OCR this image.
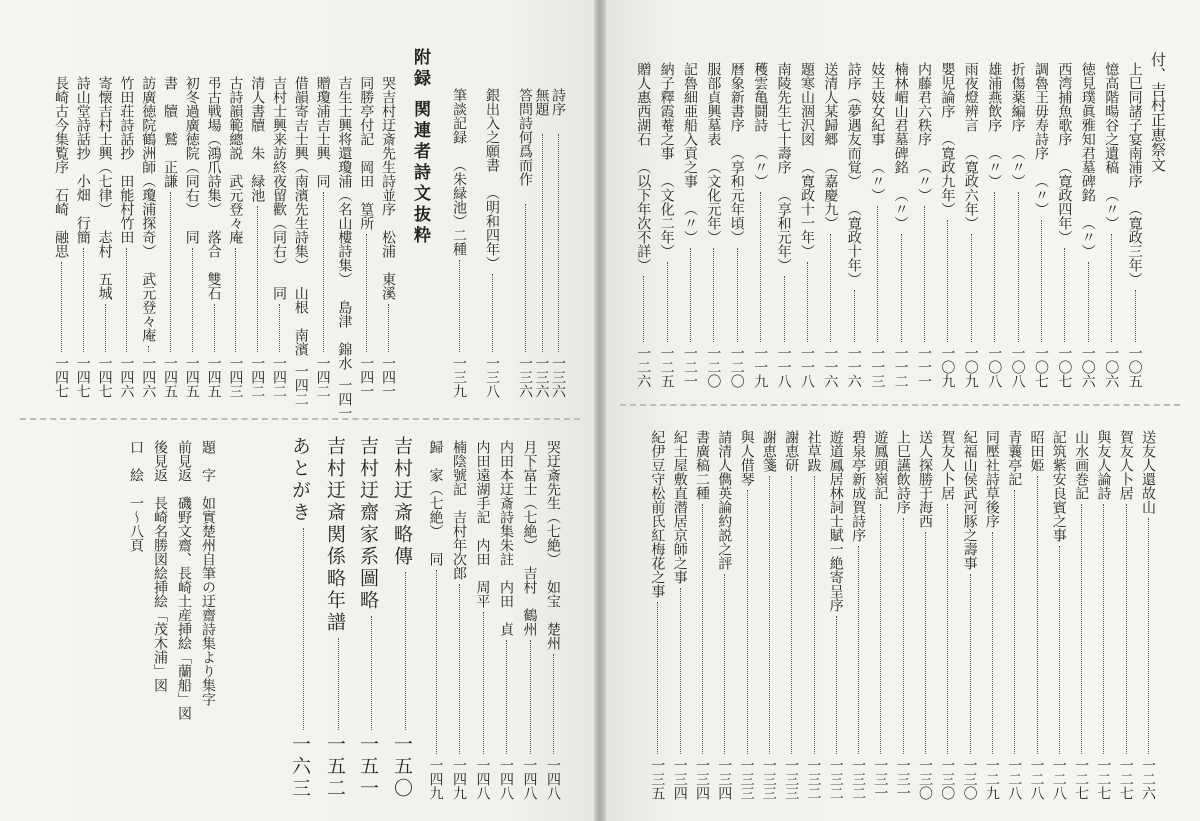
付、吉村正恵祭文
上巳同諸子宴南浦序
（寛政三年）
一〇五
憶高階暘谷之遺稿
（〃）
一〇六
徳見璞眞雅知君墓碑銘
（〃）
一〇六
西湾捕魚歌序
（寛政四年）
一〇七
調魯王毋寿詩序
（〃）
一〇七
折傷薬編序
（〃）
一〇八
雄浦燕飲序
（〃）
一〇八
雨夜燈辨言
（寛政六年）
一〇九
嬰児論序
（寛政九年）
一〇九
内藤君六秩序
（〃）
一一一
楠林嵋山君墓碑銘
（〃）
一一二
妓王妓女紀事
（〃）
一一三
詩序（夢遇友而覚）
（寛政十年）
一一六
送清人某歸郷
（嘉慶九）
一一六
題寒山涸沢図
（寛政十一年）
一一八
南陵先生七十壽序
（享和元年）
一一八
穫雲亀鬪詩
（〃）
一一九
暦象新書序
（享和元年頃）
一二〇
服部貞興墓表
（文化元年）
一二〇
記魯細亜船入貢之事
（〃）
一二一
納子釋霞菴之事
（文化二年）
一二五
贈人惠西湖石
（以下年次不詳）
一二六
送友人還故山
一二六
賀友人卜居
一二七
與友人論詩
一二七
山水画巻記
一二七
記筑紫安良賓之事
一二八
昭田姫
一二八
青蘘亭記
一二八
同壓社詩草後序
一二九
紀福山侯武河豚之壽事
一三〇
賀友人卜居
一三〇
送人探勝于海西
一三〇
上巳讌飲詩序
一三一
遊鳳頭嶺記
一三一
碧泉亭新成賀詩序
一三二
遊道鳳居林詞士賦一絶寄呈序
一三二
社草跋
一三二
謝恵研
一三三
謝恵箋
一三三
與人借琴
一三三
請清人儁英論約説之評
一三四
書廣稿二種
一三四
紀土屋敷直潜居京師之事
一三四
紀伊豆守松前氏紅梅花之事
一三五
詩序
一三六
無題
一三六
答問詩何爲而作
一三六
銀出入之願書
（明和四年）
一三八
筆談記録
（朱緑池）二種
一三九
附録関連者詩文抜粋
哭吉村迂斎先生詩並序
松浦　東溪
一四一
同勝亭付記
岡田　篁所
一四一
吉生士興将還瓊浦（名山樓詩集）
島津　錦水
一四一
贈瓊浦吉士興
同
一四二
借韻寄吉士興（南濱先生詩集）
山根　南濱
一四二
吉村士興来訪終夜留歡（同右）
同
一四二
清人書牘
朱　緑池
一四二
古詩韻範總説
武元登々庵
一四三
弔古戦場（鴻爪詩集）
落合　雙石
一四五
初冬過廣徳院（同右）
同
一四五
書　牘
鷲　正謙
一四五
訪廣徳院鶴洲師（瓊浦探奇）
武元登々庵
一四六
竹田荘詩話抄
田能村竹田
一四六
寄懐吉村士興（七律）
志村　五城
一四七
詩山堂詩話抄
小畑　行簡
一四七
長崎古今集覧序
石崎　融思
一四七
哭迂斎先生（七絶）
如宝　楚州
一四八
月下富士（七絶）
吉村　鶴州
一四八
内田本迂斎詩集朱註
内田　貞
一四八
内田遠湖手記
内田　周平
一四八
楠陰號記
吉村年次郎
一四九
歸　家（七絶）
同
一四九
吉村迂斎略傳
一五〇
吉村迂齋家系圖略
一五一
吉村迂斎関係略年譜
一五二
あとがき
一六三
題　字如實楚州自筆の迂齋詩集より集字
前見返磯野文齋、長崎土産挿絵「蘭船」図
後見返長崎名勝図絵挿絵「茂木浦」図
口　絵一〜八頁
